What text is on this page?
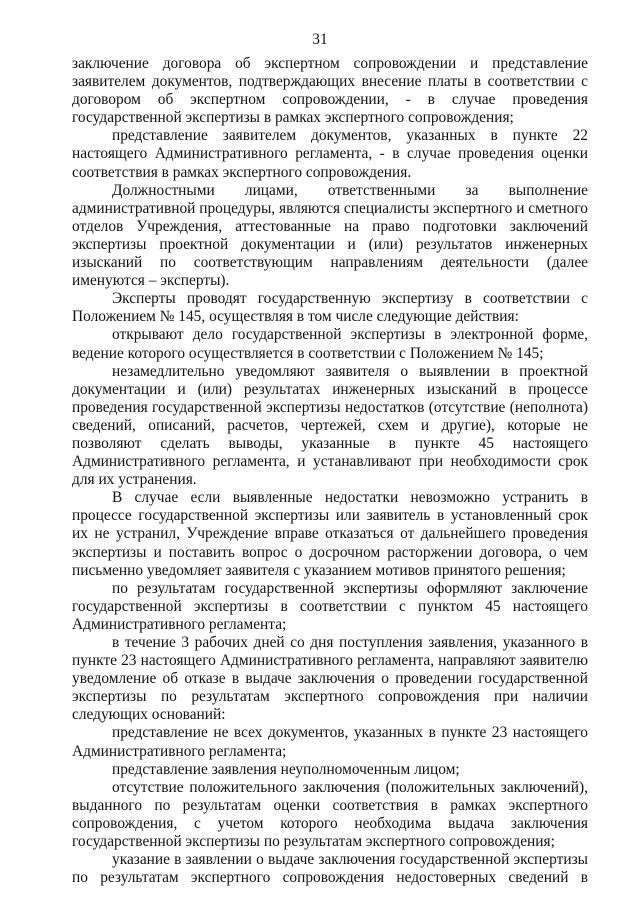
31

заключение договора об экспертном сопровождении и представление заявителем документов, подтверждающих внесение платы в соответствии с договором об экспертном сопровождении, - в случае проведения государственной экспертизы в рамках экспертного сопровождения;

представление заявителем документов, указанных в пункте 22 настоящего Административного регламента, - в случае проведения оценки соответствия в рамках экспертного сопровождения.

Должностными лицами, ответственными за выполнение административной процедуры, являются специалисты экспертного и сметного отделов Учреждения, аттестованные на право подготовки заключений экспертизы проектной документации и (или) результатов инженерных изысканий по соответствующим направлениям деятельности (далее именуются – эксперты).

Эксперты проводят государственную экспертизу в соответствии с Положением № 145, осуществляя в том числе следующие действия:

открывают дело государственной экспертизы в электронной форме, ведение которого осуществляется в соответствии с Положением № 145;

незамедлительно уведомляют заявителя о выявлении в проектной документации и (или) результатах инженерных изысканий в процессе проведения государственной экспертизы недостатков (отсутствие (неполнота) сведений, описаний, расчетов, чертежей, схем и другие), которые не позволяют сделать выводы, указанные в пункте 45 настоящего Административного регламента, и устанавливают при необходимости срок для их устранения.

В случае если выявленные недостатки невозможно устранить в процессе государственной экспертизы или заявитель в установленный срок их не устранил, Учреждение вправе отказаться от дальнейшего проведения экспертизы и поставить вопрос о досрочном расторжении договора, о чем письменно уведомляет заявителя с указанием мотивов принятого решения;

по результатам государственной экспертизы оформляют заключение государственной экспертизы в соответствии с пунктом 45 настоящего Административного регламента;

в течение 3 рабочих дней со дня поступления заявления, указанного в пункте 23 настоящего Административного регламента, направляют заявителю уведомление об отказе в выдаче заключения о проведении государственной экспертизы по результатам экспертного сопровождения при наличии следующих оснований:

представление не всех документов, указанных в пункте 23 настоящего Административного регламента;

представление заявления неуполномоченным лицом;

отсутствие положительного заключения (положительных заключений), выданного по результатам оценки соответствия в рамках экспертного сопровождения, с учетом которого необходима выдача заключения государственной экспертизы по результатам экспертного сопровождения;

указание в заявлении о выдаче заключения государственной экспертизы по результатам экспертного сопровождения недостоверных сведений в
